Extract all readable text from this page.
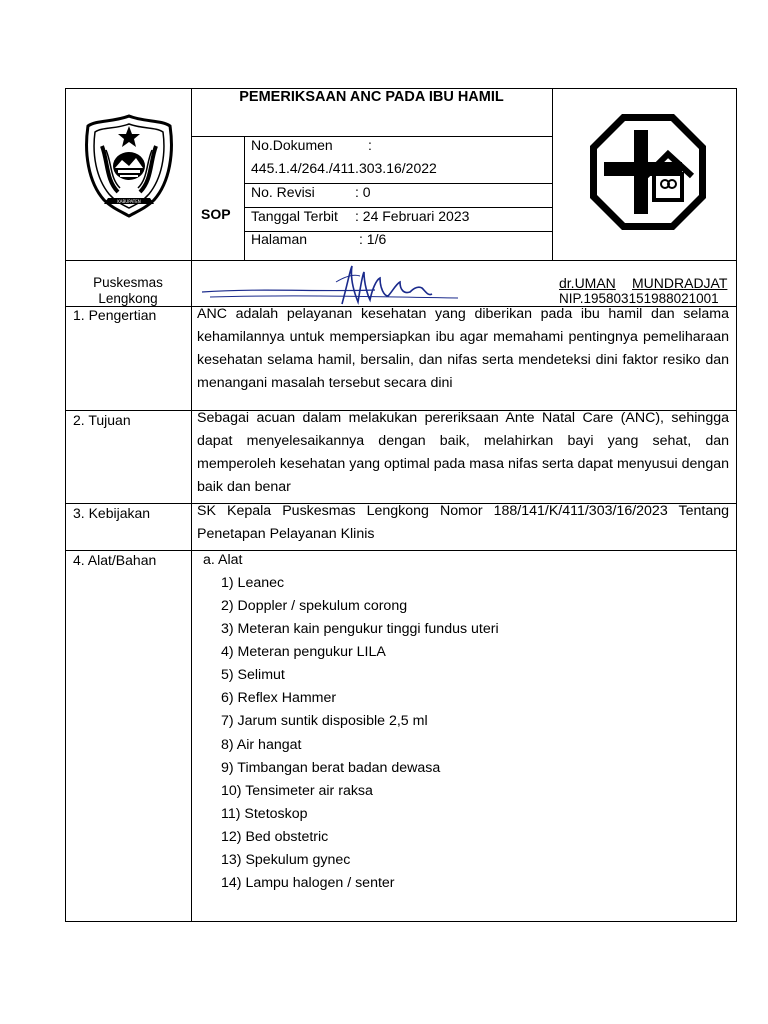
KABUPATEN
PEMERIKSAAN ANC PADA IBU HAMIL
SOP
No.Dokumen	:
445.1.4/264./411.303.16/2022
No. Revisi	: 0
Tanggal Terbit : 24 Februari 2023
Halaman	: 1/6
Puskesmas
Lengkong
dr.UMAN MUNDRADJAT
NIP.195803151988021001
1. Pengertian	ANC adalah pelayanan kesehatan yang diberikan pada ibu hamil dan selama kehamilannya untuk mempersiapkan ibu agar memahami pentingnya pemeliharaan kesehatan selama hamil, bersalin, dan nifas serta mendeteksi dini faktor resiko dan menangani masalah tersebut secara dini
2. Tujuan	Sebagai acuan dalam melakukan pereriksaan Ante Natal Care (ANC), sehingga dapat menyelesaikannya dengan baik, melahirkan bayi yang sehat, dan memperoleh kesehatan yang optimal pada masa nifas serta dapat menyusui dengan baik dan benar
3. Kebijakan	SK Kepala Puskesmas Lengkong Nomor 188/141/K/411/303/16/2023 Tentang Penetapan Pelayanan Klinis
4. Alat/Bahan	a. Alat
1) Leanec
2) Doppler / spekulum corong
3) Meteran kain pengukur tinggi fundus uteri
4) Meteran pengukur LILA
5) Selimut
6) Reflex Hammer
7) Jarum suntik disposible 2,5 ml
8) Air hangat
9) Timbangan berat badan dewasa
10) Tensimeter air raksa
11) Stetoskop
12) Bed obstetric
13) Spekulum gynec
14) Lampu halogen / senter
